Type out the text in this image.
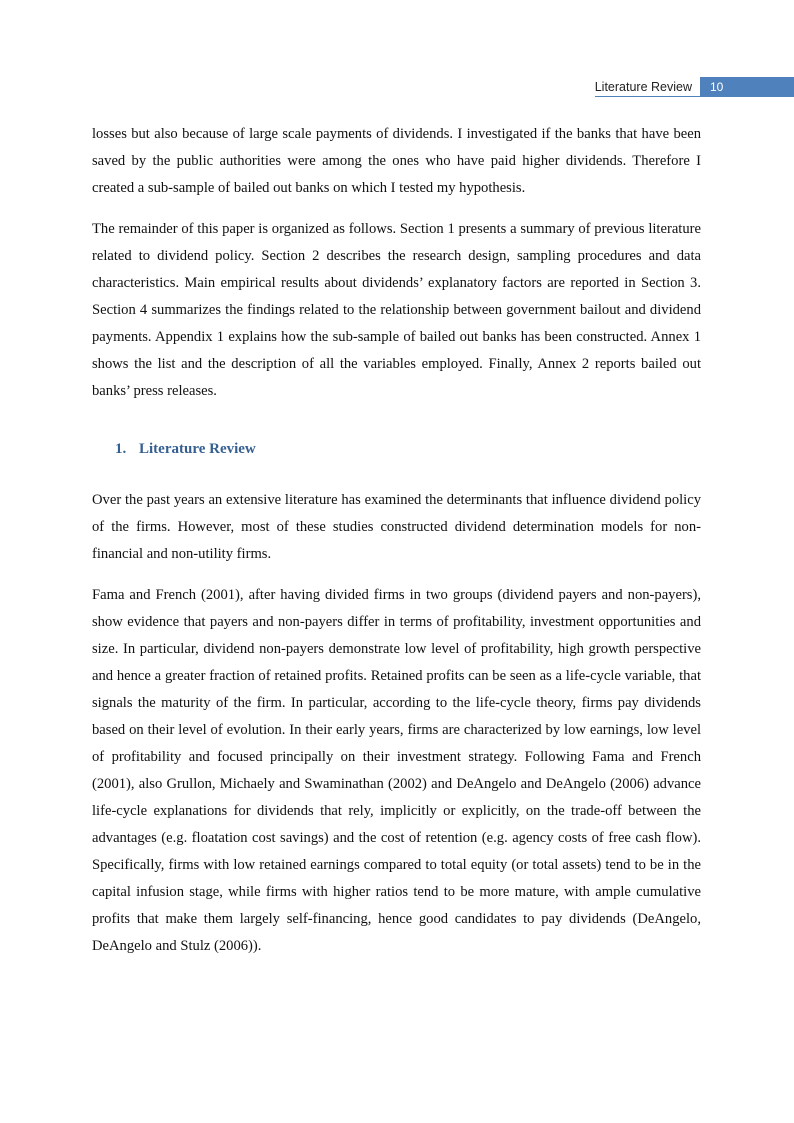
Literature Review	10

losses but also because of large scale payments of dividends. I investigated if the banks that have been saved by the public authorities were among the ones who have paid higher dividends. Therefore I created a sub-sample of bailed out banks on which I tested my hypothesis.

The remainder of this paper is organized as follows. Section 1 presents a summary of previous literature related to dividend policy. Section 2 describes the research design, sampling procedures and data characteristics. Main empirical results about dividends’ explanatory factors are reported in Section 3. Section 4 summarizes the findings related to the relationship between government bailout and dividend payments. Appendix 1 explains how the sub-sample of bailed out banks has been constructed. Annex 1 shows the list and the description of all the variables employed. Finally, Annex 2 reports bailed out banks’ press releases.

1. Literature Review

Over the past years an extensive literature has examined the determinants that influence dividend policy of the firms. However, most of these studies constructed dividend determination models for non-financial and non-utility firms.

Fama and French (2001), after having divided firms in two groups (dividend payers and non-payers), show evidence that payers and non-payers differ in terms of profitability, investment opportunities and size. In particular, dividend non-payers demonstrate low level of profitability, high growth perspective and hence a greater fraction of retained profits. Retained profits can be seen as a life-cycle variable, that signals the maturity of the firm. In particular, according to the life-cycle theory, firms pay dividends based on their level of evolution. In their early years, firms are characterized by low earnings, low level of profitability and focused principally on their investment strategy. Following Fama and French (2001), also Grullon, Michaely and Swaminathan (2002) and DeAngelo and DeAngelo (2006) advance life-cycle explanations for dividends that rely, implicitly or explicitly, on the trade-off between the advantages (e.g. floatation cost savings) and the cost of retention (e.g. agency costs of free cash flow). Specifically, firms with low retained earnings compared to total equity (or total assets) tend to be in the capital infusion stage, while firms with higher ratios tend to be more mature, with ample cumulative profits that make them largely self-financing, hence good candidates to pay dividends (DeAngelo, DeAngelo and Stulz (2006)).
